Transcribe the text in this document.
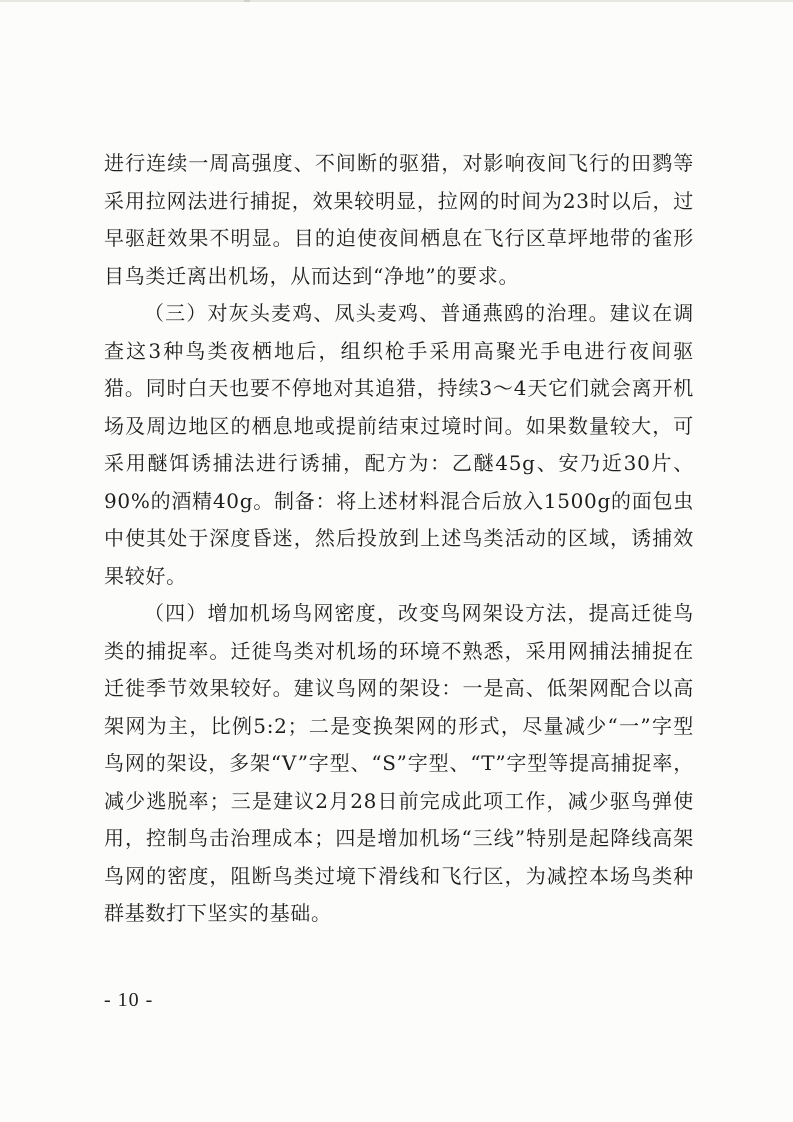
进行连续一周高强度、不间断的驱猎，对影响夜间飞行的田鹨等采用拉网法进行捕捉，效果较明显，拉网的时间为23时以后，过早驱赶效果不明显。目的迫使夜间栖息在飞行区草坪地带的雀形目鸟类迁离出机场，从而达到“净地”的要求。

（三）对灰头麦鸡、凤头麦鸡、普通燕鸥的治理。建议在调查这3种鸟类夜栖地后，组织枪手采用高聚光手电进行夜间驱猎。同时白天也要不停地对其追猎，持续3～4天它们就会离开机场及周边地区的栖息地或提前结束过境时间。如果数量较大，可采用醚饵诱捕法进行诱捕，配方为：乙醚45g、安乃近30片、90%的酒精40g。制备：将上述材料混合后放入1500g的面包虫中使其处于深度昏迷，然后投放到上述鸟类活动的区域，诱捕效果较好。

（四）增加机场鸟网密度，改变鸟网架设方法，提高迁徙鸟类的捕捉率。迁徙鸟类对机场的环境不熟悉，采用网捕法捕捉在迁徙季节效果较好。建议鸟网的架设：一是高、低架网配合以高架网为主，比例5:2；二是变换架网的形式，尽量减少“一”字型鸟网的架设，多架“V”字型、“S”字型、“T”字型等提高捕捉率，减少逃脱率；三是建议2月28日前完成此项工作，减少驱鸟弹使用，控制鸟击治理成本；四是增加机场“三线”特别是起降线高架鸟网的密度，阻断鸟类过境下滑线和飞行区，为减控本场鸟类种群基数打下坚实的基础。

- 10 -
